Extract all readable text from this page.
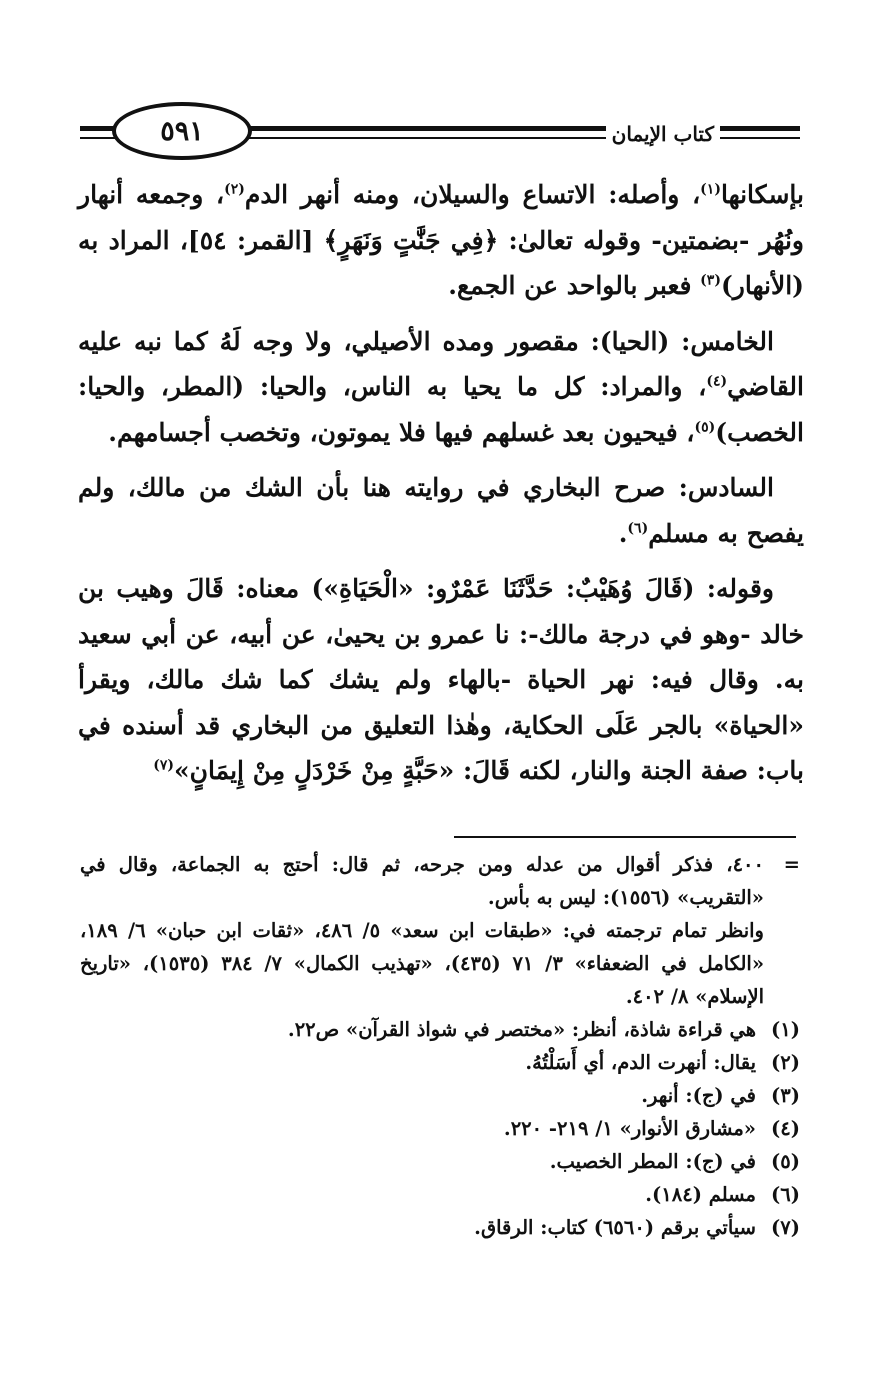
٥٩١	كتاب الإيمان

بإسكانها$^{(١)}$، وأصله: الاتساع والسيلان، ومنه أنهر الدم$^{(٢)}$، وجمعه أنهار ونُهُر -بضمتين- وقوله تعالىٰ: ﴿فِي جَنَّٰتٍ وَنَهَرٍ﴾ [القمر: ٥٤]، المراد به (الأنهار)$^{(٣)}$ فعبر بالواحد عن الجمع.

الخامس: (الحيا): مقصور ومده الأصيلي، ولا وجه لَهُ كما نبه عليه القاضي$^{(٤)}$، والمراد: كل ما يحيا به الناس، والحيا: (المطر، والحيا: الخصب)$^{(٥)}$، فيحيون بعد غسلهم فيها فلا يموتون، وتخصب أجسامهم.

السادس: صرح البخاري في روايته هنا بأن الشك من مالك، ولم يفصح به مسلم$^{(٦)}$.

وقوله: (قَالَ وُهَيْبٌ: حَدَّثَنَا عَمْرٌو: «الْحَيَاةِ») معناه: قَالَ وهيب بن خالد -وهو في درجة مالك-: نا عمرو بن يحيىٰ، عن أبيه، عن أبي سعيد به. وقال فيه: نهر الحياة -بالهاء ولم يشك كما شك مالك، ويقرأ «الحياة» بالجر عَلَى الحكاية، وهٰذا التعليق من البخاري قد أسنده في باب: صفة الجنة والنار، لكنه قَالَ: «حَبَّةٍ مِنْ خَرْدَلٍ مِنْ إِيمَانٍ»$^{(٧)}$

=
٤٠٠، فذكر أقوال من عدله ومن جرحه، ثم قال: أحتج به الجماعة، وقال في «التقريب» (١٥٥٦): ليس به بأس.
وانظر تمام ترجمته في: «طبقات ابن سعد» ٥/ ٤٨٦، «ثقات ابن حبان» ٦/ ١٨٩، «الكامل في الضعفاء» ٣/ ٧١ (٤٣٥)، «تهذيب الكمال» ٧/ ٣٨٤ (١٥٣٥)، «تاريخ الإسلام» ٨/ ٤٠٢.
(١)
هي قراءة شاذة، أنظر: «مختصر في شواذ القرآن» ص٢٢.
(٢)
يقال: أنهرت الدم، أي أَسَلْتُهُ.
(٣)
في (ج): أنهر.
(٤)
«مشارق الأنوار» ١/ ٢١٩- ٢٢٠.
(٥)
في (ج): المطر الخصيب.
(٦)
مسلم (١٨٤).
(٧)
سيأتي برقم (٦٥٦٠) كتاب: الرقاق.
